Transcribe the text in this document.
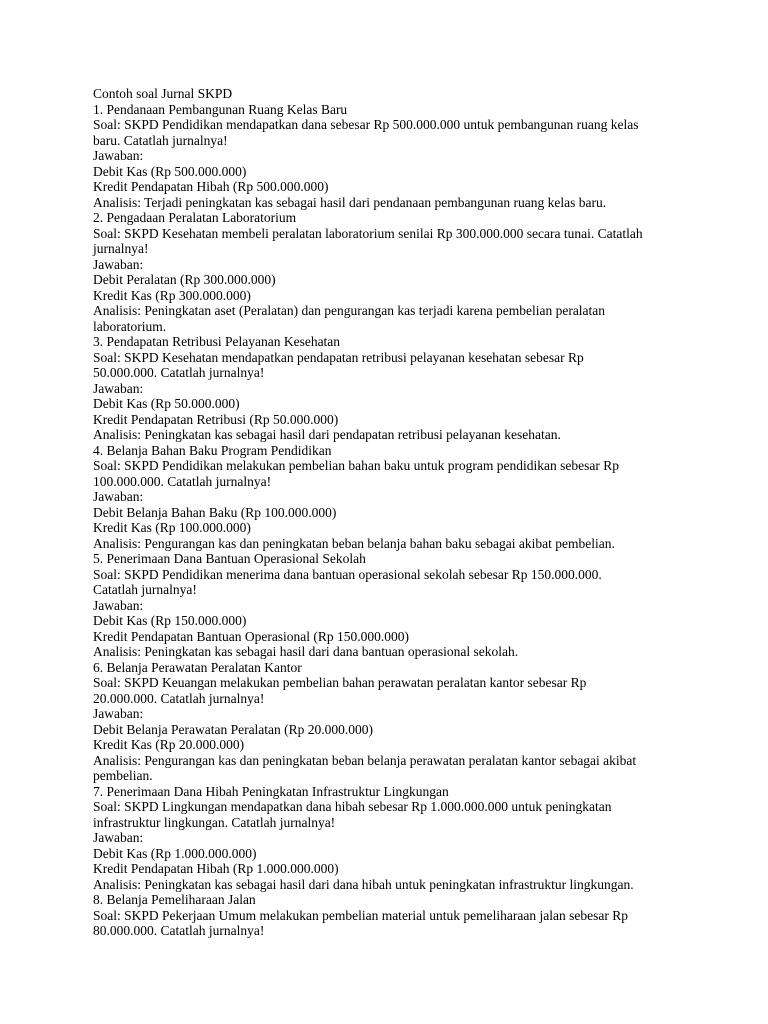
Contoh soal Jurnal SKPD
1. Pendanaan Pembangunan Ruang Kelas Baru
Soal: SKPD Pendidikan mendapatkan dana sebesar Rp 500.000.000 untuk pembangunan ruang kelas
baru. Catatlah jurnalnya!
Jawaban:
Debit Kas (Rp 500.000.000)
Kredit Pendapatan Hibah (Rp 500.000.000)
Analisis: Terjadi peningkatan kas sebagai hasil dari pendanaan pembangunan ruang kelas baru.
2. Pengadaan Peralatan Laboratorium
Soal: SKPD Kesehatan membeli peralatan laboratorium senilai Rp 300.000.000 secara tunai. Catatlah
jurnalnya!
Jawaban:
Debit Peralatan (Rp 300.000.000)
Kredit Kas (Rp 300.000.000)
Analisis: Peningkatan aset (Peralatan) dan pengurangan kas terjadi karena pembelian peralatan
laboratorium.
3. Pendapatan Retribusi Pelayanan Kesehatan
Soal: SKPD Kesehatan mendapatkan pendapatan retribusi pelayanan kesehatan sebesar Rp
50.000.000. Catatlah jurnalnya!
Jawaban:
Debit Kas (Rp 50.000.000)
Kredit Pendapatan Retribusi (Rp 50.000.000)
Analisis: Peningkatan kas sebagai hasil dari pendapatan retribusi pelayanan kesehatan.
4. Belanja Bahan Baku Program Pendidikan
Soal: SKPD Pendidikan melakukan pembelian bahan baku untuk program pendidikan sebesar Rp
100.000.000. Catatlah jurnalnya!
Jawaban:
Debit Belanja Bahan Baku (Rp 100.000.000)
Kredit Kas (Rp 100.000.000)
Analisis: Pengurangan kas dan peningkatan beban belanja bahan baku sebagai akibat pembelian.
5. Penerimaan Dana Bantuan Operasional Sekolah
Soal: SKPD Pendidikan menerima dana bantuan operasional sekolah sebesar Rp 150.000.000.
Catatlah jurnalnya!
Jawaban:
Debit Kas (Rp 150.000.000)
Kredit Pendapatan Bantuan Operasional (Rp 150.000.000)
Analisis: Peningkatan kas sebagai hasil dari dana bantuan operasional sekolah.
6. Belanja Perawatan Peralatan Kantor
Soal: SKPD Keuangan melakukan pembelian bahan perawatan peralatan kantor sebesar Rp
20.000.000. Catatlah jurnalnya!
Jawaban:
Debit Belanja Perawatan Peralatan (Rp 20.000.000)
Kredit Kas (Rp 20.000.000)
Analisis: Pengurangan kas dan peningkatan beban belanja perawatan peralatan kantor sebagai akibat
pembelian.
7. Penerimaan Dana Hibah Peningkatan Infrastruktur Lingkungan
Soal: SKPD Lingkungan mendapatkan dana hibah sebesar Rp 1.000.000.000 untuk peningkatan
infrastruktur lingkungan. Catatlah jurnalnya!
Jawaban:
Debit Kas (Rp 1.000.000.000)
Kredit Pendapatan Hibah (Rp 1.000.000.000)
Analisis: Peningkatan kas sebagai hasil dari dana hibah untuk peningkatan infrastruktur lingkungan.
8. Belanja Pemeliharaan Jalan
Soal: SKPD Pekerjaan Umum melakukan pembelian material untuk pemeliharaan jalan sebesar Rp
80.000.000. Catatlah jurnalnya!
